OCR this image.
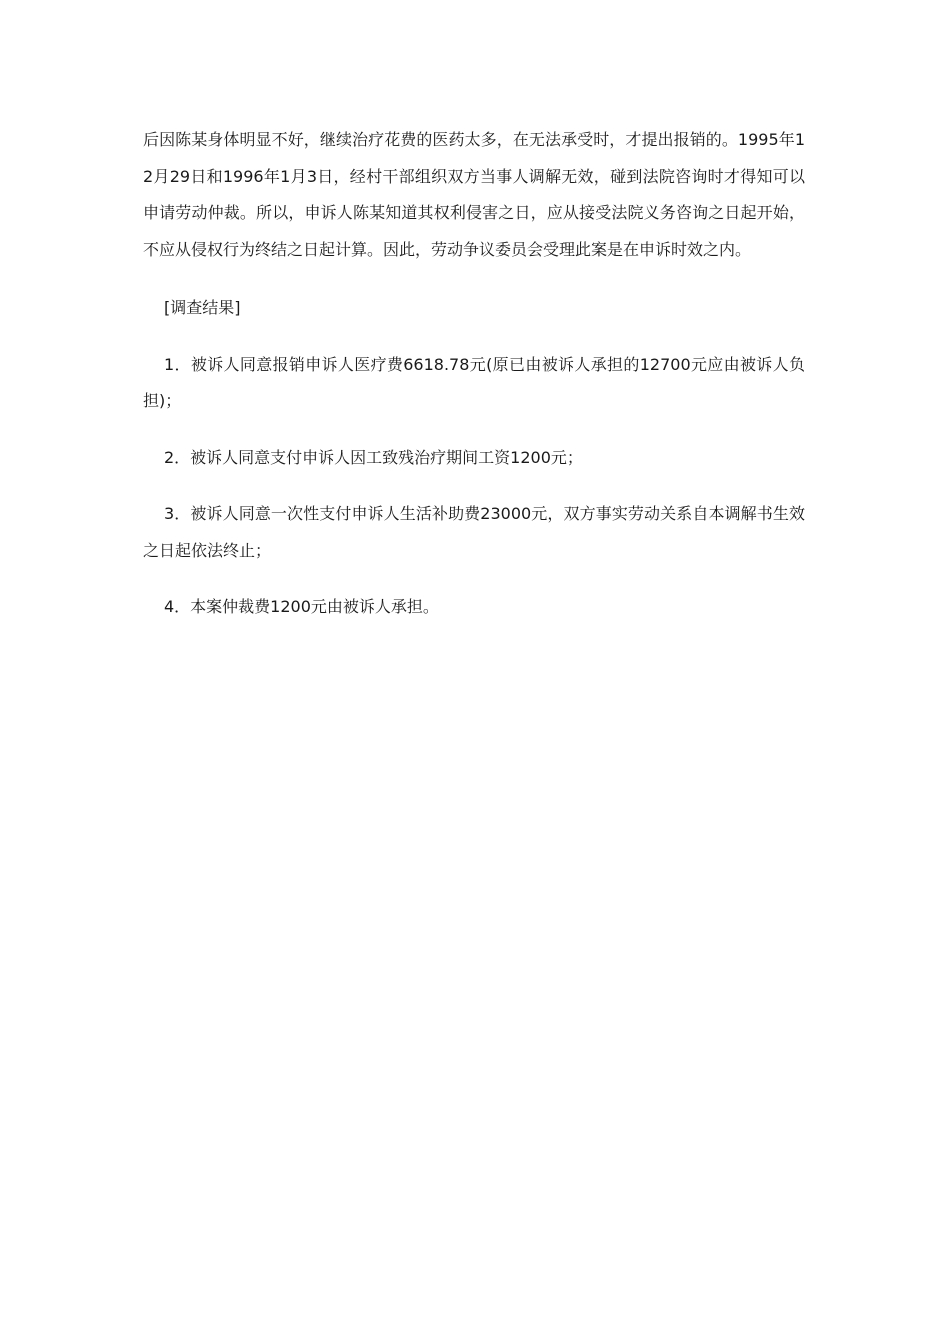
后因陈某身体明显不好，继续治疗花费的医药太多，在无法承受时，才提出报销的。1995年12月29日和1996年1月3日，经村干部组织双方当事人调解无效，碰到法院咨询时才得知可以申请劳动仲裁。所以，申诉人陈某知道其权利侵害之日，应从接受法院义务咨询之日起开始，不应从侵权行为终结之日起计算。因此，劳动争议委员会受理此案是在申诉时效之内。

[调查结果]

1．被诉人同意报销申诉人医疗费6618.78元(原已由被诉人承担的12700元应由被诉人负担)；

2．被诉人同意支付申诉人因工致残治疗期间工资1200元；

3．被诉人同意一次性支付申诉人生活补助费23000元，双方事实劳动关系自本调解书生效之日起依法终止；

4．本案仲裁费1200元由被诉人承担。
